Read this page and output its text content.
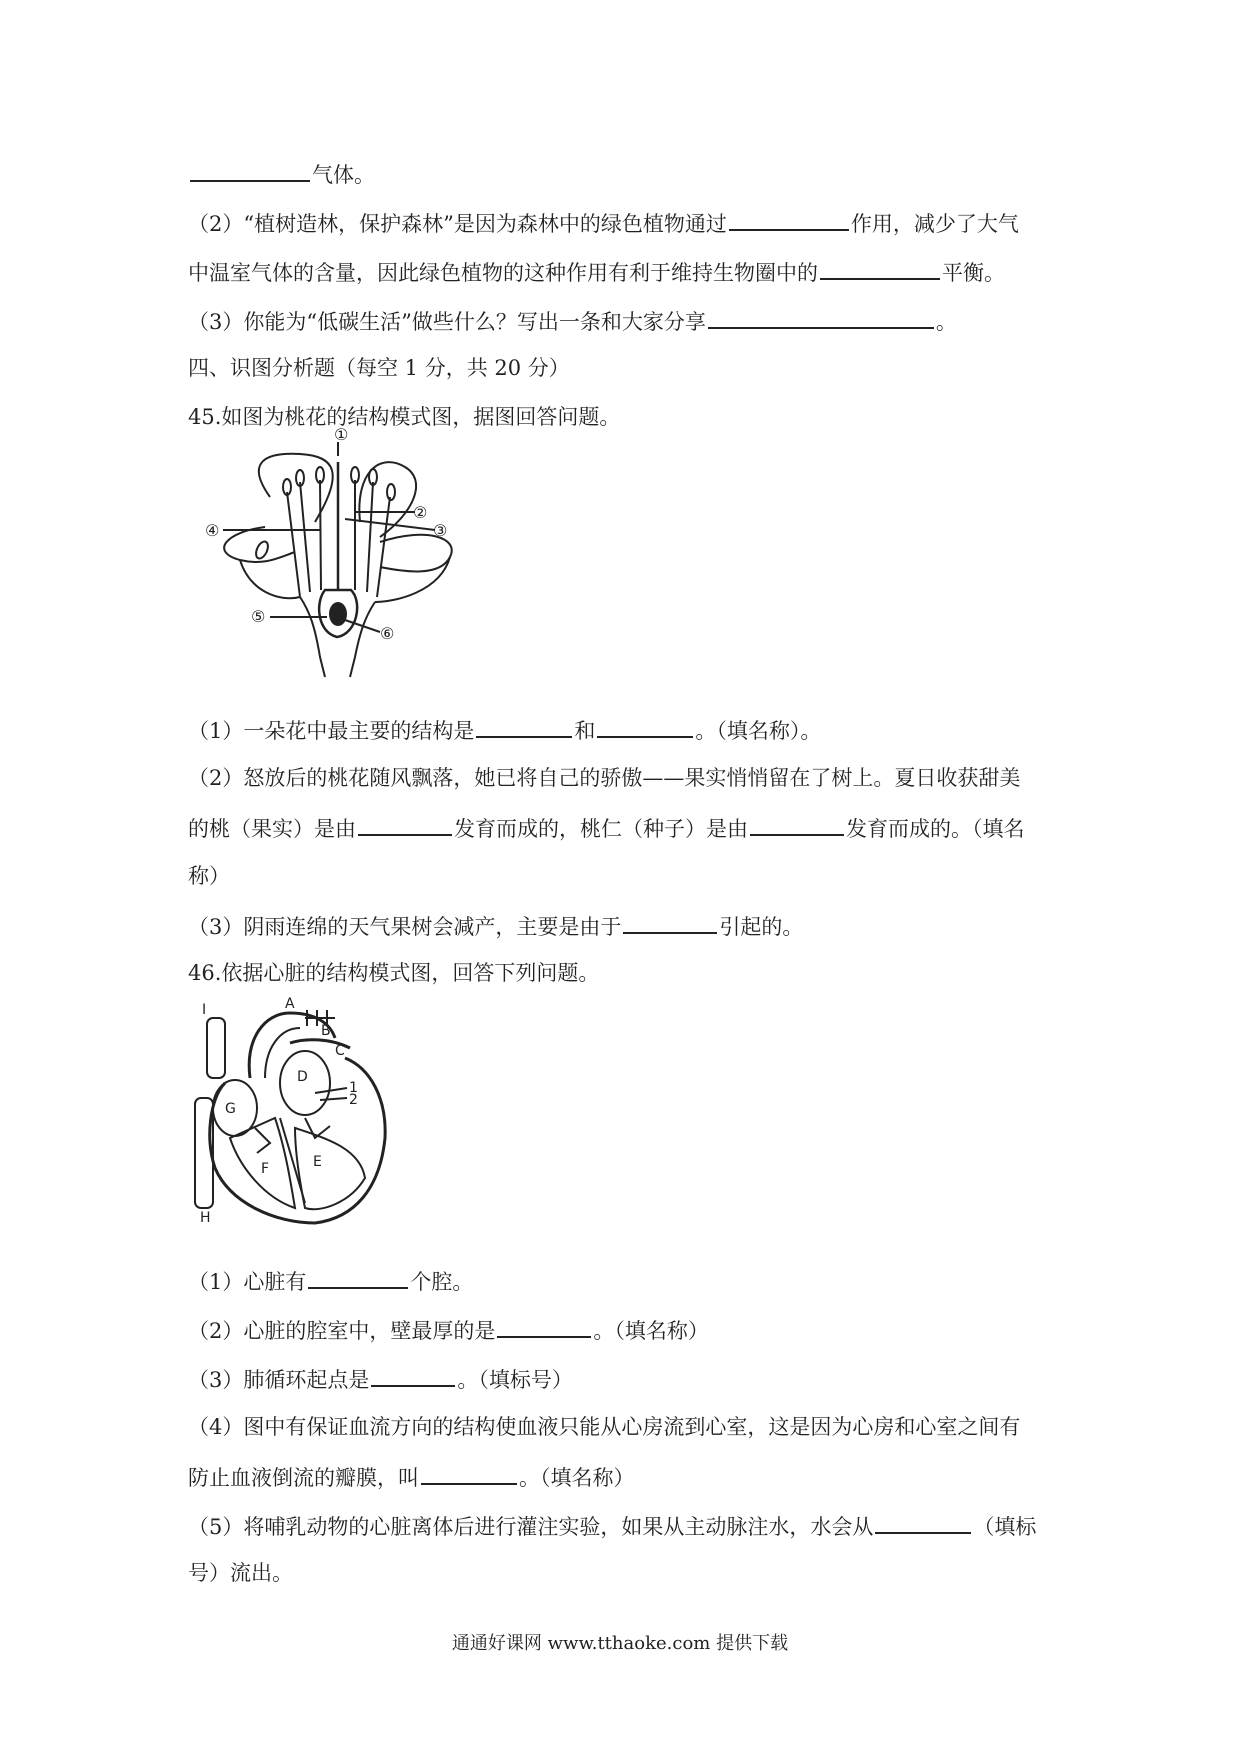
气体。
（2）“植树造林，保护森林”是因为森林中的绿色植物通过	作用，减少了大气
中温室气体的含量，因此绿色植物的这种作用有利于维持生物圈中的	平衡。
（3）你能为“低碳生活”做些什么？写出一条和大家分享	。
四、识图分析题（每空 1 分，共 20 分）
45.如图为桃花的结构模式图，据图回答问题。
①
②
③
④
⑤
⑥
（1）一朵花中最主要的结构是	和	。（填名称）。
（2）怒放后的桃花随风飘落，她已将自己的骄傲——果实悄悄留在了树上。夏日收获甜美
的桃（果实）是由	发育而成的，桃仁（种子）是由	发育而成的。（填名
称）
（3）阴雨连绵的天气果树会减产，主要是由于	引起的。
46.依据心脏的结构模式图，回答下列问题。
I	A
B
C
D
G
E
F
H
1
2
（1）心脏有	个腔。
（2）心脏的腔室中，壁最厚的是	。（填名称）
（3）肺循环起点是	。（填标号）
（4）图中有保证血流方向的结构使血液只能从心房流到心室，这是因为心房和心室之间有
防止血液倒流的瓣膜，叫	。（填名称）
（5）将哺乳动物的心脏离体后进行灌注实验，如果从主动脉注水，水会从	（填标
号）流出。
通通好课网 www.tthaoke.com 提供下载
